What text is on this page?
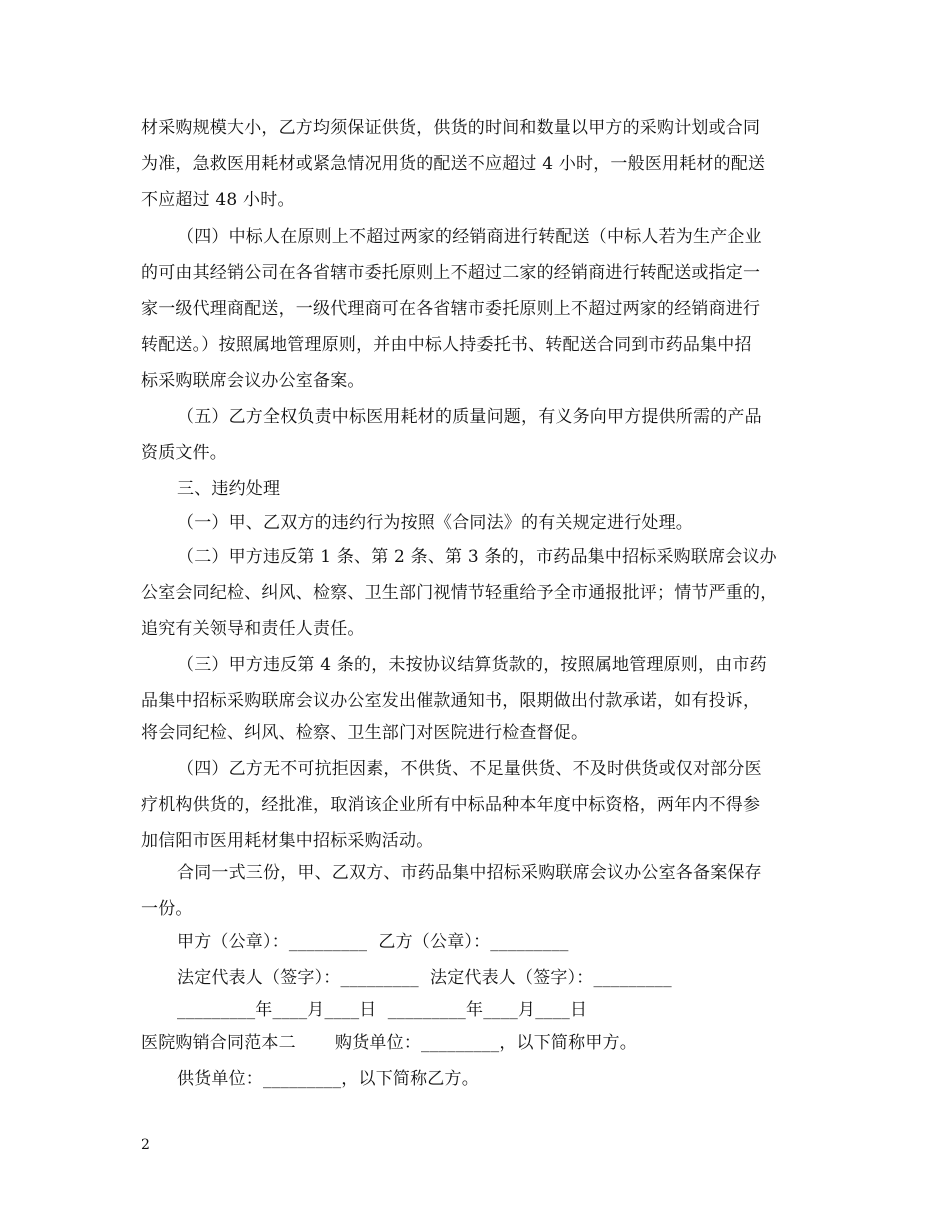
材采购规模大小，乙方均须保证供货，供货的时间和数量以甲方的采购计划或合同
为准，急救医用耗材或紧急情况用货的配送不应超过 4 小时，一般医用耗材的配送
不应超过 48 小时。
（四）中标人在原则上不超过两家的经销商进行转配送（中标人若为生产企业
的可由其经销公司在各省辖市委托原则上不超过二家的经销商进行转配送或指定一
家一级代理商配送，一级代理商可在各省辖市委托原则上不超过两家的经销商进行
转配送。）按照属地管理原则，并由中标人持委托书、转配送合同到市药品集中招
标采购联席会议办公室备案。
（五）乙方全权负责中标医用耗材的质量问题，有义务向甲方提供所需的产品
资质文件。
三、违约处理
（一）甲、乙双方的违约行为按照《合同法》的有关规定进行处理。
（二）甲方违反第 1 条、第 2 条、第 3 条的，市药品集中招标采购联席会议办
公室会同纪检、纠风、检察、卫生部门视情节轻重给予全市通报批评；情节严重的，
追究有关领导和责任人责任。
（三）甲方违反第 4 条的，未按协议结算货款的，按照属地管理原则，由市药
品集中招标采购联席会议办公室发出催款通知书，限期做出付款承诺，如有投诉，
将会同纪检、纠风、检察、卫生部门对医院进行检查督促。
（四）乙方无不可抗拒因素，不供货、不足量供货、不及时供货或仅对部分医
疗机构供货的，经批准，取消该企业所有中标品种本年度中标资格，两年内不得参
加信阳市医用耗材集中招标采购活动。
合同一式三份，甲、乙双方、市药品集中招标采购联席会议办公室各备案保存
一份。
甲方（公章）：_________  乙方（公章）：_________
法定代表人（签字）：_________  法定代表人（签字）：_________
_________年____月____日  _________年____月____日
医院购销合同范本二       购货单位：_________，以下简称甲方。
供货单位：_________，以下简称乙方。
2
